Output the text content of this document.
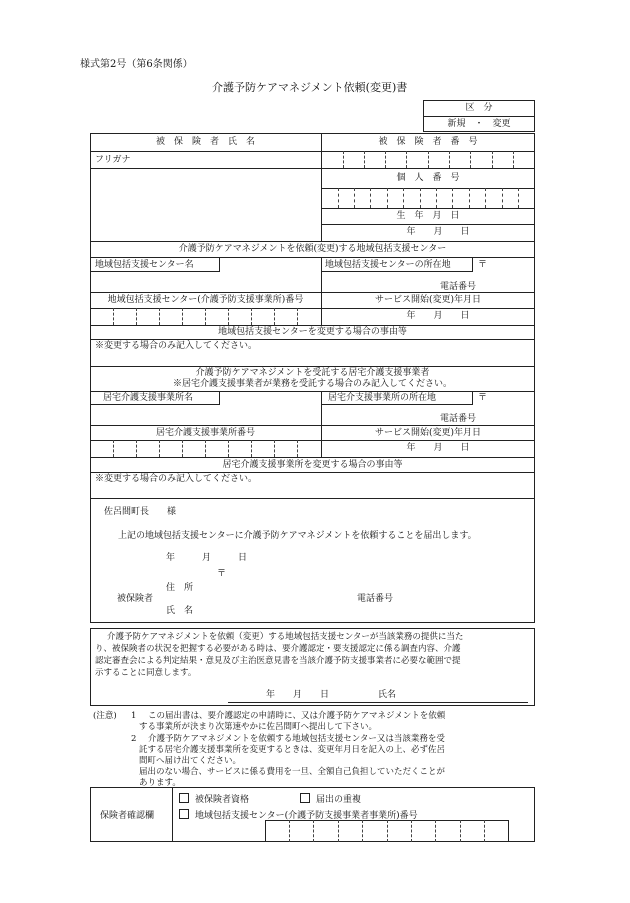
様式第2号（第6条関係）
介護予防ケアマネジメント依頼(変更)書
区　分
新規　・　変更
被　保　険　者　氏　名	被　保　険　者　番　号
フリガナ
個　人　番　号
生　年　月　日
年　　月　　日
介護予防ケアマネジメントを依頼(変更)する地域包括支援センター
地域包括支援センター名	地域包括支援センターの所在地	〒
電話番号
地域包括支援センター(介護予防支援事業所)番号	サービス開始(変更)年月日
年　　月　　日
地域包括支援センターを変更する場合の事由等
※変更する場合のみ記入してください。
介護予防ケアマネジメントを受託する居宅介護支援事業者
※居宅介護支援事業者が業務を受託する場合のみ記入してください。
居宅介護支援事業所名	居宅介支援事業所の所在地	〒
電話番号
居宅介護支援事業所番号	サービス開始(変更)年月日
年　　月　　日
居宅介護支援事業所を変更する場合の事由等
※変更する場合のみ記入してください。
佐呂間町長　　様
上記の地域包括支援センターに介護予防ケアマネジメントを依頼することを届出します。
年　　　月　　　日
〒
住　所
被保険者
氏　名
電話番号
介護予防ケアマネジメントを依頼（変更）する地域包括支援センターが当該業務の提供に当た
り、被保険者の状況を把握する必要がある時は、要介護認定・要支援認定に係る調査内容、介護
認定審査会による判定結果・意見及び主治医意見書を当該介護予防支援事業者に必要な範囲で提
示することに同意します。
年　　月　　日	氏名
(注意) 1 この届出書は、要介護認定の申請時に、又は介護予防ケアマネジメントを依頼
する事業所が決まり次第速やかに佐呂間町へ提出して下さい。
2 介護予防ケアマネジメントを依頼する地域包括支援センター又は当該業務を受
託する居宅介護支援事業所を変更するときは、変更年月日を記入の上、必ず佐呂
間町へ届け出てください。
届出のない場合、サービスに係る費用を一旦、全額自己負担していただくことが
あります。
保険者確認欄
被保険者資格	届出の重複
地域包括支援センター(介護予防支援事業者事業所)番号
